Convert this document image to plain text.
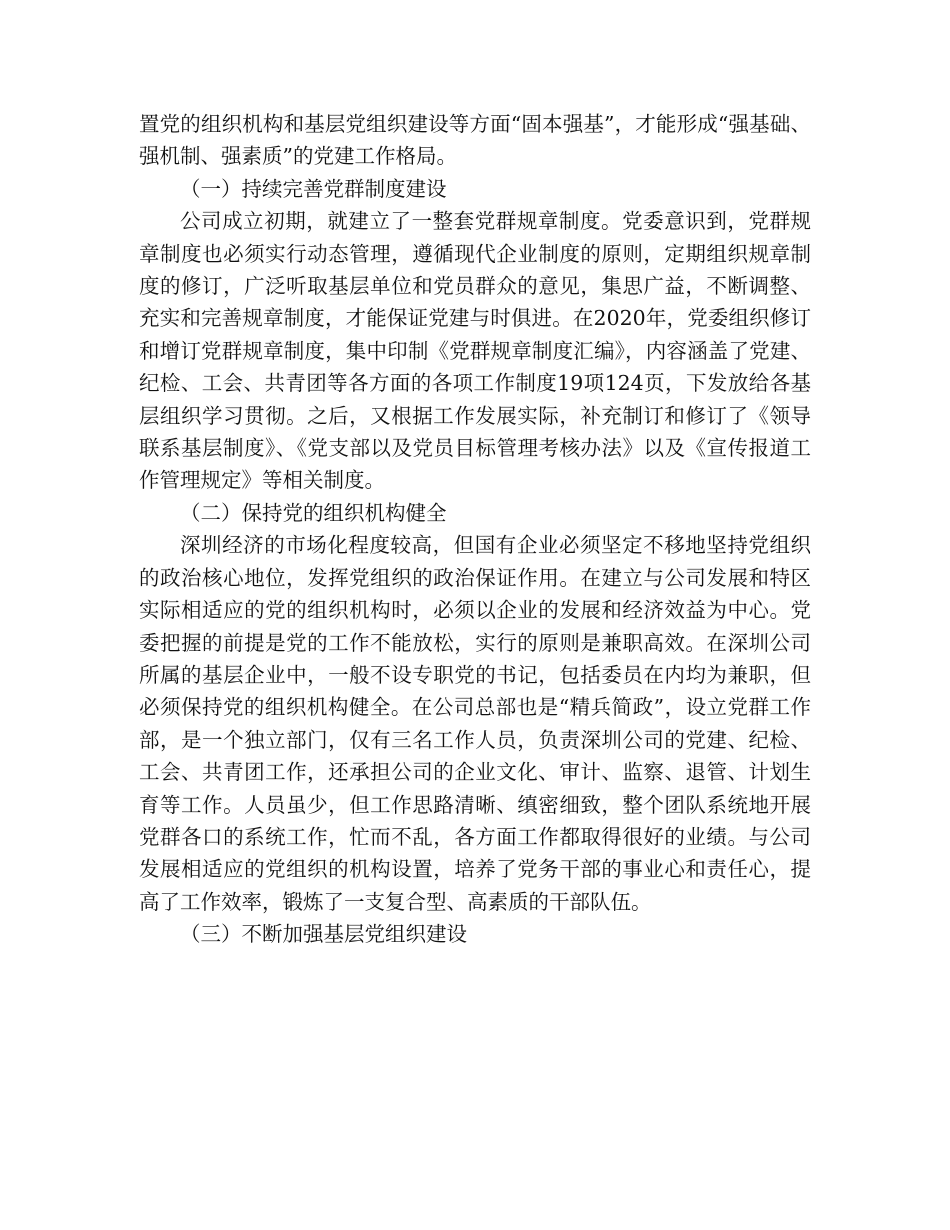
置党的组织机构和基层党组织建设等方面“固本强基”，才能形成“强基础、强机制、强素质”的党建工作格局。

（一）持续完善党群制度建设

公司成立初期，就建立了一整套党群规章制度。党委意识到，党群规章制度也必须实行动态管理，遵循现代企业制度的原则，定期组织规章制度的修订，广泛听取基层单位和党员群众的意见，集思广益，不断调整、充实和完善规章制度，才能保证党建与时俱进。在2020年，党委组织修订和增订党群规章制度，集中印制《党群规章制度汇编》，内容涵盖了党建、纪检、工会、共青团等各方面的各项工作制度19项124页，下发放给各基层组织学习贯彻。之后，又根据工作发展实际，补充制订和修订了《领导联系基层制度》、《党支部以及党员目标管理考核办法》以及《宣传报道工作管理规定》等相关制度。

（二）保持党的组织机构健全

深圳经济的市场化程度较高，但国有企业必须坚定不移地坚持党组织的政治核心地位，发挥党组织的政治保证作用。在建立与公司发展和特区实际相适应的党的组织机构时，必须以企业的发展和经济效益为中心。党委把握的前提是党的工作不能放松，实行的原则是兼职高效。在深圳公司所属的基层企业中，一般不设专职党的书记，包括委员在内均为兼职，但必须保持党的组织机构健全。在公司总部也是“精兵简政”，设立党群工作部，是一个独立部门，仅有三名工作人员，负责深圳公司的党建、纪检、工会、共青团工作，还承担公司的企业文化、审计、监察、退管、计划生育等工作。人员虽少，但工作思路清晰、缜密细致，整个团队系统地开展党群各口的系统工作，忙而不乱，各方面工作都取得很好的业绩。与公司发展相适应的党组织的机构设置，培养了党务干部的事业心和责任心，提高了工作效率，锻炼了一支复合型、高素质的干部队伍。

（三）不断加强基层党组织建设
